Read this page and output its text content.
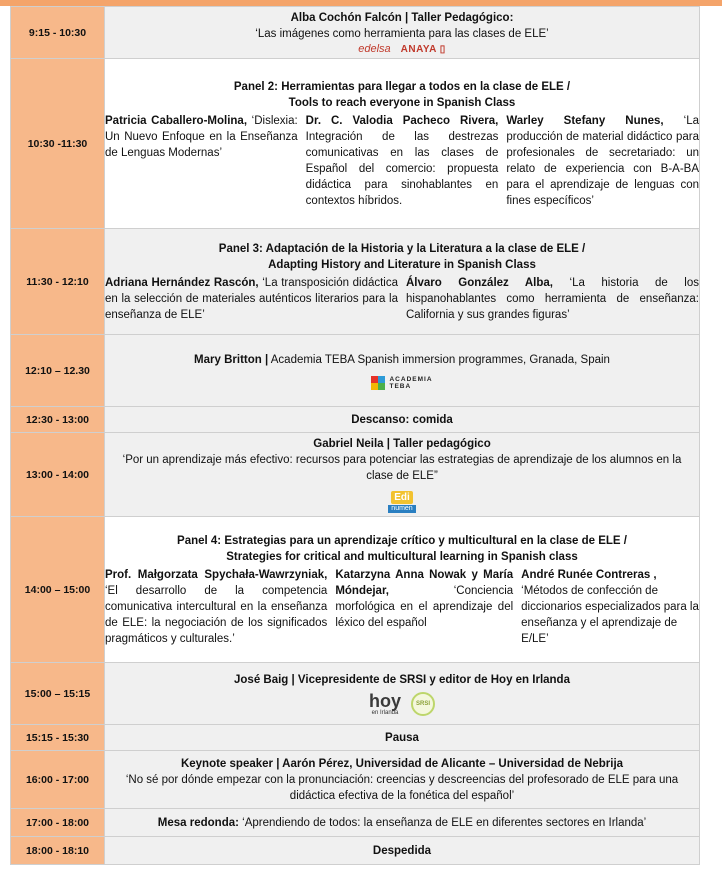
9:15 - 10:30	Alba Cochón Falcón | Taller Pedagógico:
‘Las imágenes como herramienta para las clases de ELE’
edelsa ANAYA ▯

10:30 -11:30	Panel 2: Herramientas para llegar a todos en la clase de ELE /
Tools to reach everyone in Spanish Class
Patricia Caballero-Molina, ‘Dislexia: Un Nuevo Enfoque en la Enseñanza de Lenguas Modernas’
Dr. C. Valodia Pacheco Rivera, Integración de las destrezas comunicativas en las clases de Español del comercio: propuesta didáctica para sinohablantes en contextos híbridos.
Warley Stefany Nunes, ‘La producción de material didáctico para profesionales de secretariado: un relato de experiencia con B-A-BA para el aprendizaje de lenguas con fines específicos’

11:30 - 12:10	Panel 3: Adaptación de la Historia y la Literatura a la clase de ELE /
Adapting History and Literature in Spanish Class
Adriana Hernández Rascón, ‘La transposición didáctica en la selección de materiales auténticos literarios para la enseñanza de ELE’
Álvaro González Alba, ‘La historia de los hispanohablantes como herramienta de enseñanza: California y sus grandes figuras’

12:10 – 12.30	Mary Britton | Academia TEBA Spanish immersion programmes, Granada, Spain
ACADEMIA
TEBA

12:30 - 13:00	Descanso: comida

13:00 - 14:00	Gabriel Neila | Taller pedagógico
‘Por un aprendizaje más efectivo: recursos para potenciar las estrategias de aprendizaje de los alumnos en la clase de ELE”
Edi
numen

14:00 – 15:00	Panel 4: Estrategias para un aprendizaje crítico y multicultural en la clase de ELE /
Strategies for critical and multicultural learning in Spanish class
Prof. Małgorzata Spychała-Wawrzyniak, ‘El desarrollo de la competencia comunicativa intercultural en la enseñanza de ELE: la negociación de los significados pragmáticos y culturales.’
Katarzyna Anna Nowak y María Móndejar, ‘Conciencia morfológica en el aprendizaje del léxico del español
André Runée Contreras , ‘Métodos de confección de diccionarios especializados para la enseñanza y el aprendizaje de E/LE’

15:00 – 15:15	José Baig | Vicepresidente de SRSI y editor de Hoy en Irlanda
hoy
en Irlanda
SRSI

15:15 - 15:30	Pausa

16:00 - 17:00	Keynote speaker | Aarón Pérez, Universidad de Alicante – Universidad de Nebrija
‘No sé por dónde empezar con la pronunciación: creencias y descreencias del profesorado de ELE para una didáctica efectiva de la fonética del español’

17:00 - 18:00	Mesa redonda: ‘Aprendiendo de todos: la enseñanza de ELE en diferentes sectores en Irlanda’

18:00 - 18:10	Despedida
